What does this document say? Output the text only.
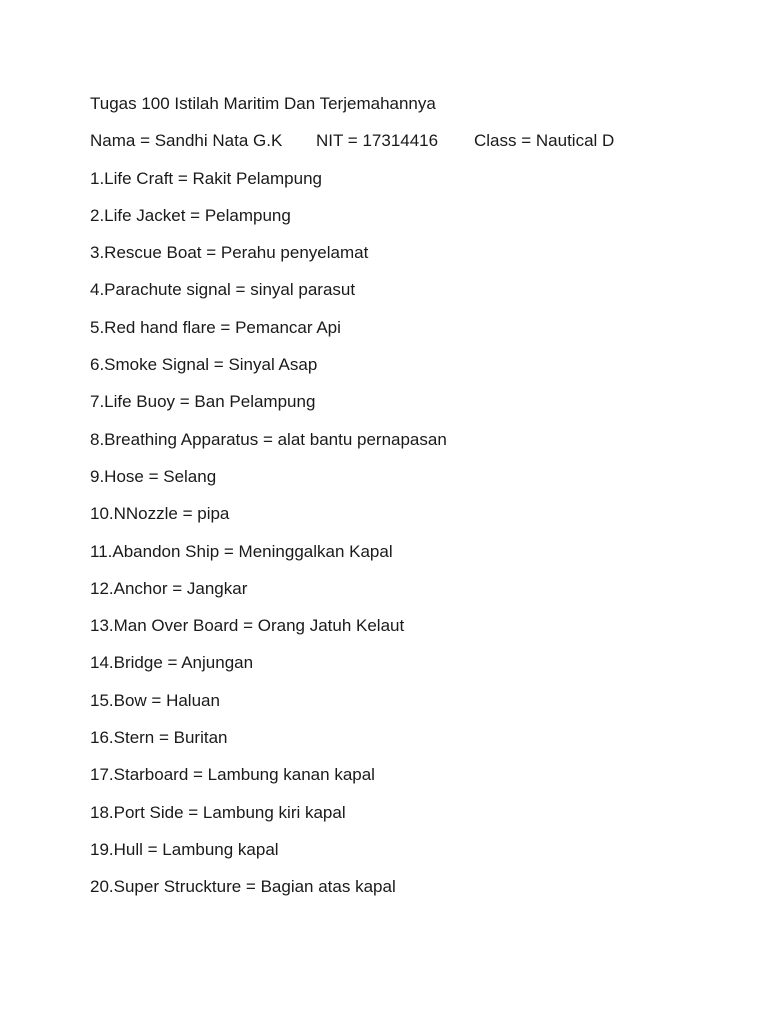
Tugas 100 Istilah Maritim Dan Terjemahannya
Nama = Sandhi Nata G.K	NIT = 17314416	Class = Nautical D
1.Life Craft = Rakit Pelampung
2.Life Jacket = Pelampung
3.Rescue Boat = Perahu penyelamat
4.Parachute signal = sinyal parasut
5.Red hand flare = Pemancar Api
6.Smoke Signal = Sinyal Asap
7.Life Buoy = Ban Pelampung
8.Breathing Apparatus = alat bantu pernapasan
9.Hose = Selang
10.NNozzle = pipa
11.Abandon Ship = Meninggalkan Kapal
12.Anchor = Jangkar
13.Man Over Board = Orang Jatuh Kelaut
14.Bridge = Anjungan
15.Bow = Haluan
16.Stern = Buritan
17.Starboard = Lambung kanan kapal
18.Port Side = Lambung kiri kapal
19.Hull = Lambung kapal
20.Super Struckture = Bagian atas kapal
